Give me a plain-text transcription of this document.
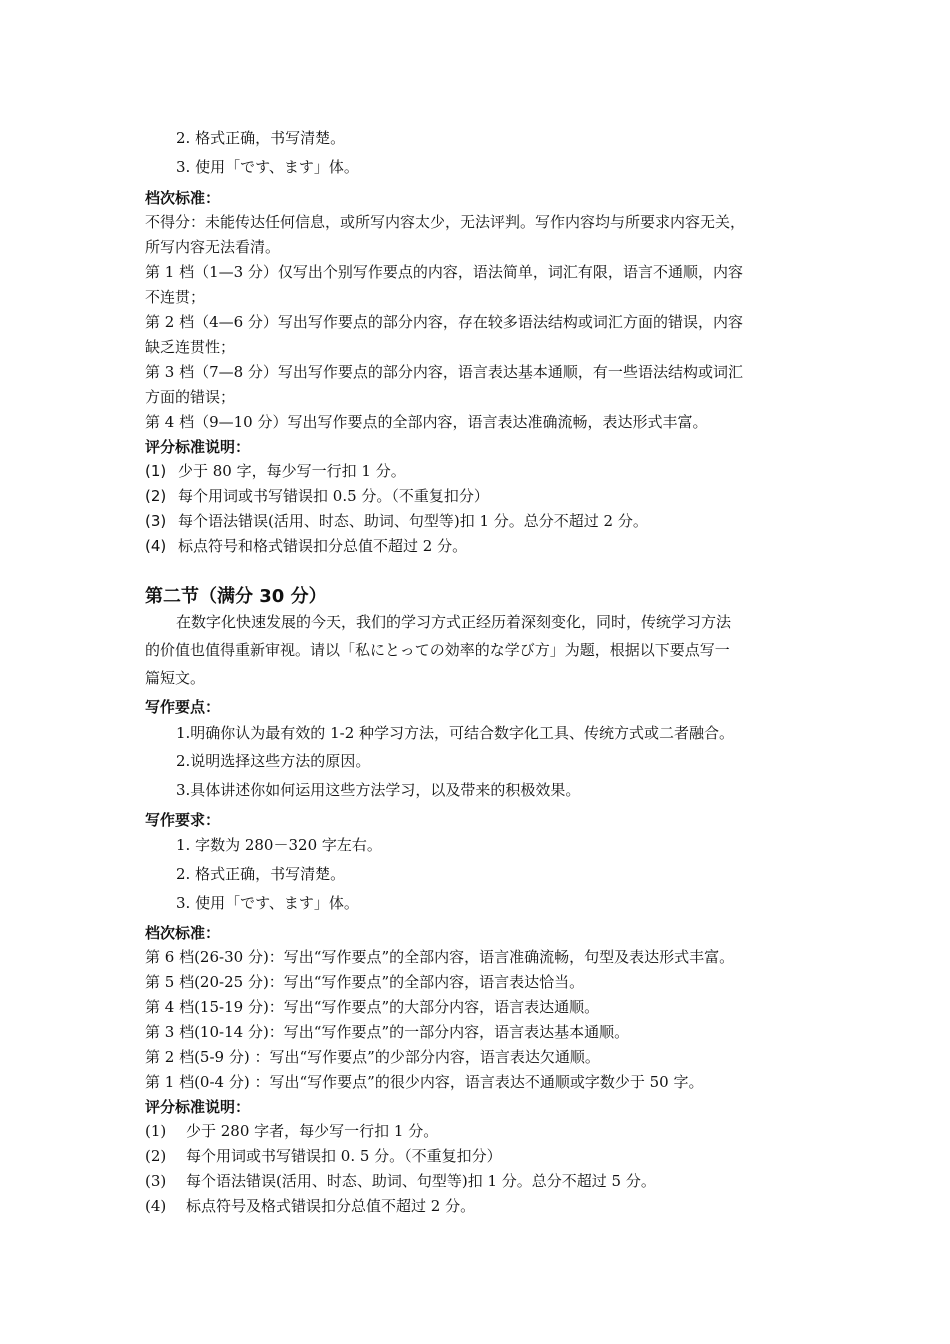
2. 格式正确，书写清楚。
3. 使用「です、ます」体。
档次标准：
不得分：未能传达任何信息，或所写内容太少，无法评判。写作内容均与所要求内容无关，
所写内容无法看清。
第 1 档（1—3 分）仅写出个别写作要点的内容，语法简单，词汇有限，语言不通顺，内容
不连贯；
第 2 档（4—6 分）写出写作要点的部分内容，存在较多语法结构或词汇方面的错误，内容
缺乏连贯性；
第 3 档（7—8 分）写出写作要点的部分内容，语言表达基本通顺，有一些语法结构或词汇
方面的错误；
第 4 档（9—10 分）写出写作要点的全部内容，语言表达准确流畅，表达形式丰富。
评分标准说明：
(1) 少于 80 字，每少写一行扣 1 分。
(2) 每个用词或书写错误扣 0.5 分。（不重复扣分）
(3) 每个语法错误(活用、时态、助词、句型等)扣 1 分。总分不超过 2 分。
(4) 标点符号和格式错误扣分总值不超过 2 分。
第二节（满分 30 分）
在数字化快速发展的今天，我们的学习方式正经历着深刻变化，同时，传统学习方法
的价值也值得重新审视。请以「私にとっての効率的な学び方」为题，根据以下要点写一
篇短文。
写作要点：
1.明确你认为最有效的 1-2 种学习方法，可结合数字化工具、传统方式或二者融合。
2.说明选择这些方法的原因。
3.具体讲述你如何运用这些方法学习，以及带来的积极效果。
写作要求：
1. 字数为 280－320 字左右。
2. 格式正确，书写清楚。
3. 使用「です、ます」体。
档次标准：
第 6 档(26-30 分)：写出“写作要点”的全部内容，语言准确流畅，句型及表达形式丰富。
第 5 档(20-25 分)：写出“写作要点”的全部内容，语言表达恰当。
第 4 档(15-19 分)：写出“写作要点”的大部分内容，语言表达通顺。
第 3 档(10-14 分)：写出“写作要点”的一部分内容，语言表达基本通顺。
第 2 档(5-9 分) ：写出“写作要点”的少部分内容，语言表达欠通顺。
第 1 档(0-4 分) ：写出“写作要点”的很少内容，语言表达不通顺或字数少于 50 字。
评分标准说明：
(1) 少于 280 字者，每少写一行扣 1 分。
(2) 每个用词或书写错误扣 0. 5 分。（不重复扣分）
(3) 每个语法错误(活用、时态、助词、句型等)扣 1 分。总分不超过 5 分。
(4) 标点符号及格式错误扣分总值不超过 2 分。
